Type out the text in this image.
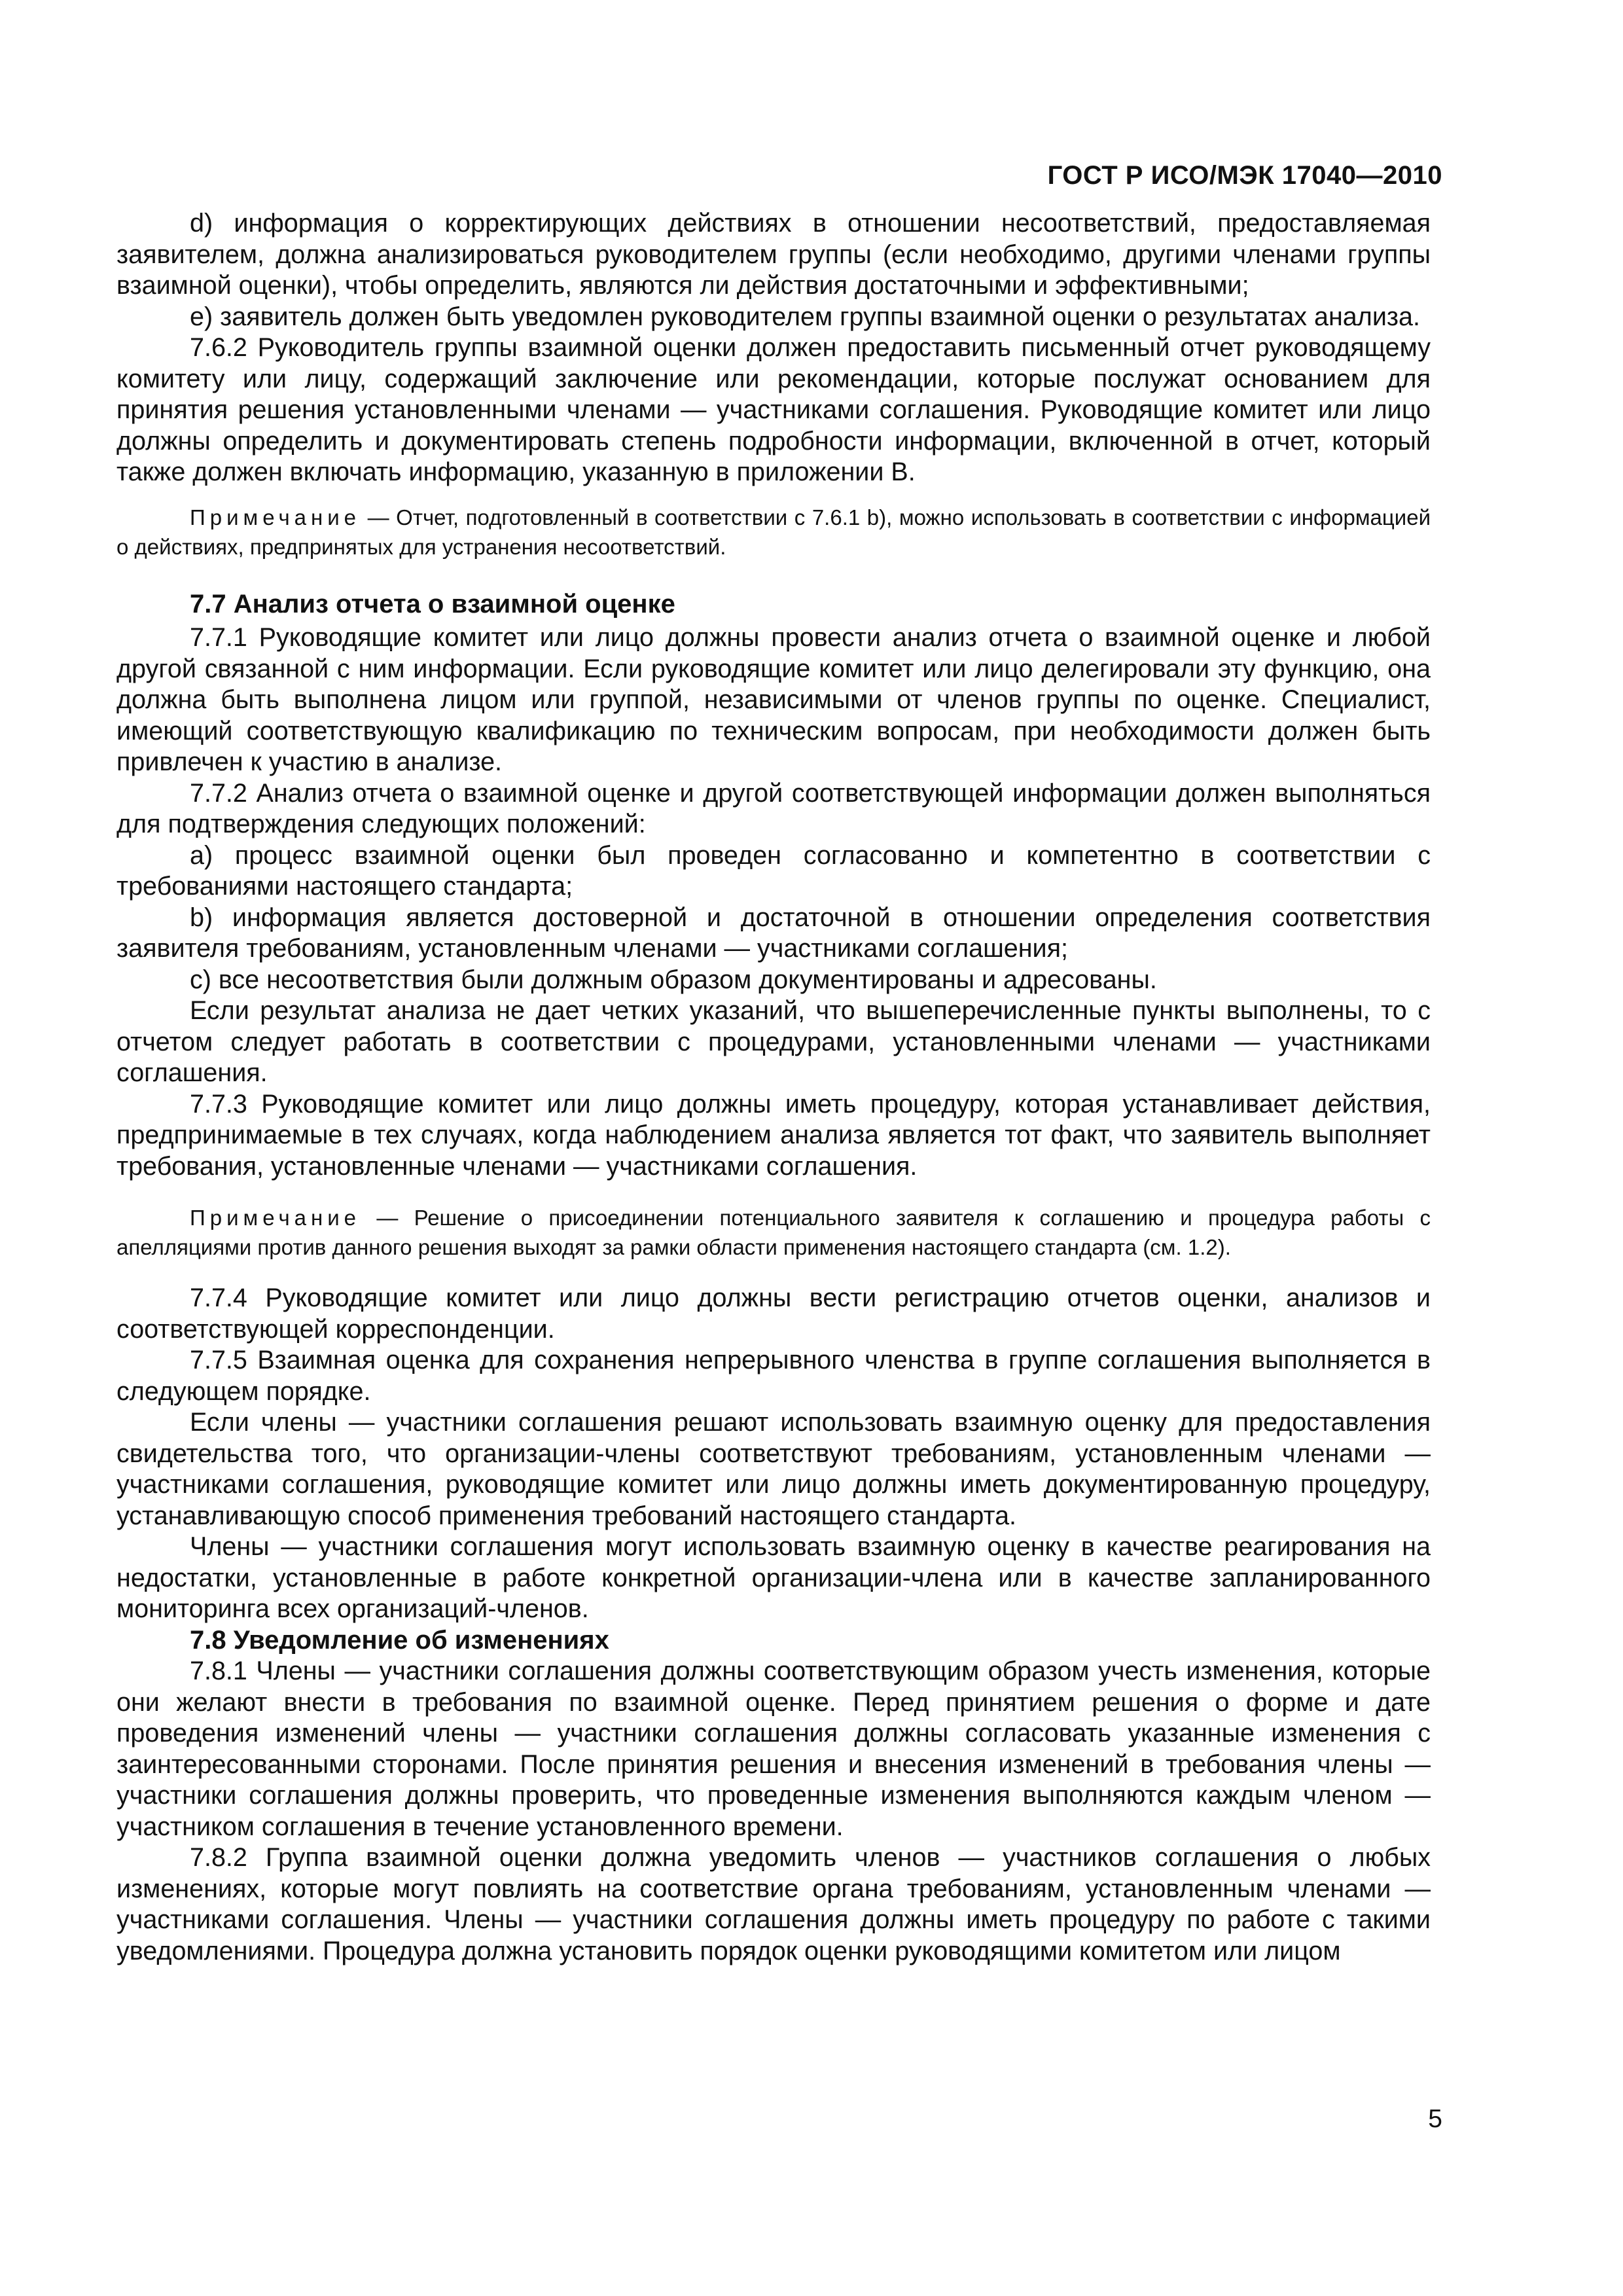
ГОСТ Р ИСО/МЭК 17040—2010

d) информация о корректирующих действиях в отношении несоответствий, предоставляемая заявителем, должна анализироваться руководителем группы (если необходимо, другими членами группы взаимной оценки), чтобы определить, являются ли действия достаточными и эффективными;

e) заявитель должен быть уведомлен руководителем группы взаимной оценки о результатах анализа.

7.6.2 Руководитель группы взаимной оценки должен предоставить письменный отчет руководящему комитету или лицу, содержащий заключение или рекомендации, которые послужат основанием для принятия решения установленными членами — участниками соглашения. Руководящие комитет или лицо должны определить и документировать степень подробности информации, включенной в отчет, который также должен включать информацию, указанную в приложении В.

Примечание — Отчет, подготовленный в соответствии с 7.6.1 b), можно использовать в соответствии с информацией о действиях, предпринятых для устранения несоответствий.

7.7 Анализ отчета о взаимной оценке

7.7.1 Руководящие комитет или лицо должны провести анализ отчета о взаимной оценке и любой другой связанной с ним информации. Если руководящие комитет или лицо делегировали эту функцию, она должна быть выполнена лицом или группой, независимыми от членов группы по оценке. Специалист, имеющий соответствующую квалификацию по техническим вопросам, при необходимости должен быть привлечен к участию в анализе.

7.7.2 Анализ отчета о взаимной оценке и другой соответствующей информации должен выполняться для подтверждения следующих положений:

a) процесс взаимной оценки был проведен согласованно и компетентно в соответствии с требованиями настоящего стандарта;

b) информация является достоверной и достаточной в отношении определения соответствия заявителя требованиям, установленным членами — участниками соглашения;

c) все несоответствия были должным образом документированы и адресованы.

Если результат анализа не дает четких указаний, что вышеперечисленные пункты выполнены, то с отчетом следует работать в соответствии с процедурами, установленными членами — участниками соглашения.

7.7.3 Руководящие комитет или лицо должны иметь процедуру, которая устанавливает действия, предпринимаемые в тех случаях, когда наблюдением анализа является тот факт, что заявитель выполняет требования, установленные членами — участниками соглашения.

Примечание — Решение о присоединении потенциального заявителя к соглашению и процедура работы с апелляциями против данного решения выходят за рамки области применения настоящего стандарта (см. 1.2).

7.7.4 Руководящие комитет или лицо должны вести регистрацию отчетов оценки, анализов и соответствующей корреспонденции.

7.7.5 Взаимная оценка для сохранения непрерывного членства в группе соглашения выполняется в следующем порядке.

Если члены — участники соглашения решают использовать взаимную оценку для предоставления свидетельства того, что организации-члены соответствуют требованиям, установленным членами — участниками соглашения, руководящие комитет или лицо должны иметь документированную процедуру, устанавливающую способ применения требований настоящего стандарта.

Члены — участники соглашения могут использовать взаимную оценку в качестве реагирования на недостатки, установленные в работе конкретной организации-члена или в качестве запланированного мониторинга всех организаций-членов.

7.8 Уведомление об изменениях

7.8.1 Члены — участники соглашения должны соответствующим образом учесть изменения, которые они желают внести в требования по взаимной оценке. Перед принятием решения о форме и дате проведения изменений члены — участники соглашения должны согласовать указанные изменения с заинтересованными сторонами. После принятия решения и внесения изменений в требования члены — участники соглашения должны проверить, что проведенные изменения выполняются каждым членом — участником соглашения в течение установленного времени.

7.8.2 Группа взаимной оценки должна уведомить членов — участников соглашения о любых изменениях, которые могут повлиять на соответствие органа требованиям, установленным членами — участниками соглашения. Члены — участники соглашения должны иметь процедуру по работе с такими уведомлениями. Процедура должна установить порядок оценки руководящими комитетом или лицом

5
